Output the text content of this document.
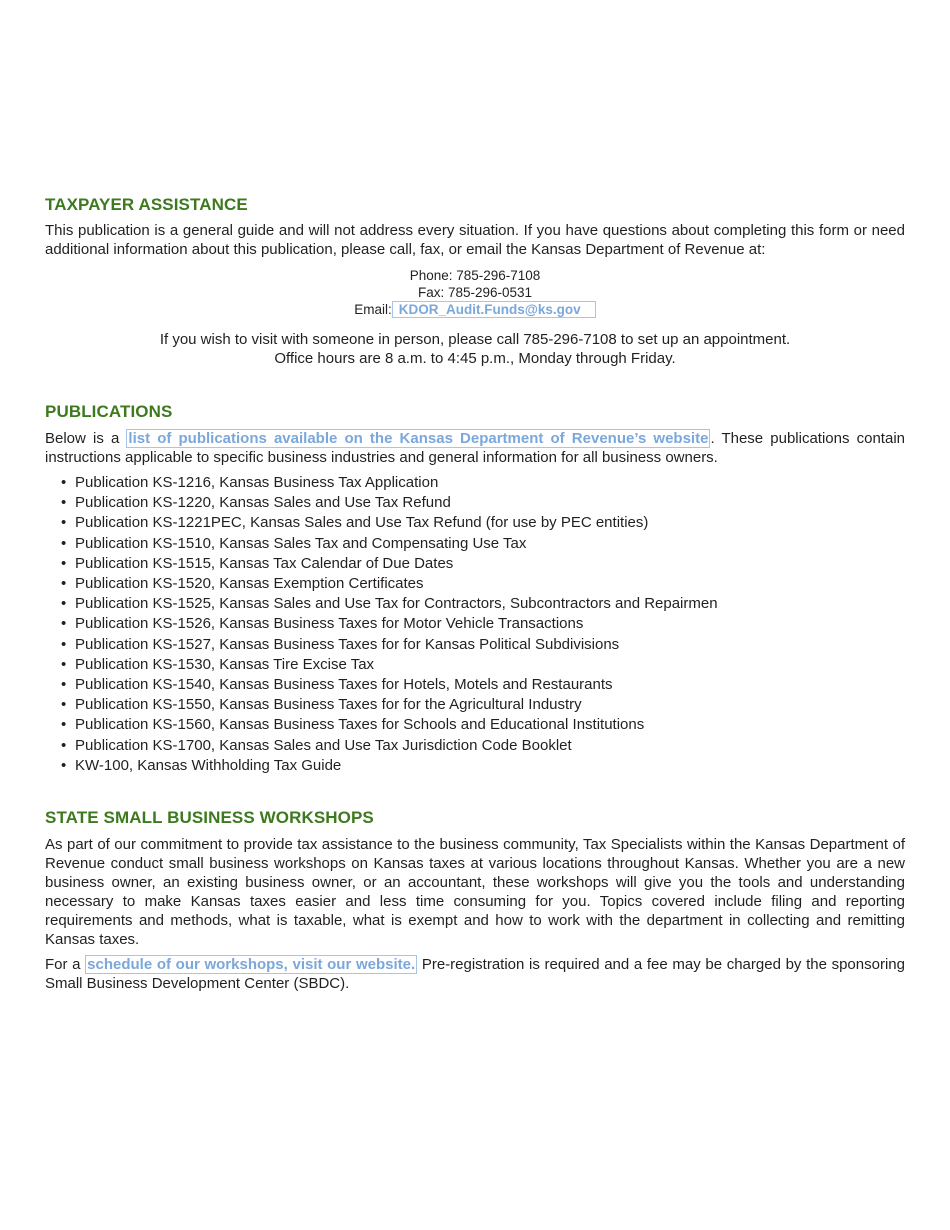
TAXPAYER ASSISTANCE

This publication is a general guide and will not address every situation. If you have questions about completing this form or need additional information about this publication, please call, fax, or email the Kansas Department of Revenue at:

Phone: 785-296-7108
Fax: 785-296-0531
Email: KDOR_Audit.Funds@ks.gov

If you wish to visit with someone in person, please call 785-296-7108 to set up an appointment.

Office hours are 8 a.m. to 4:45 p.m., Monday through Friday.

PUBLICATIONS

Below is a list of publications available on the Kansas Department of Revenue’s website . These publications contain instructions applicable to specific business industries and general information for all business owners.

• Publication KS-1216, Kansas Business Tax Application
• Publication KS-1220, Kansas Sales and Use Tax Refund
• Publication KS-1221PEC, Kansas Sales and Use Tax Refund (for use by PEC entities)
• Publication KS-1510, Kansas Sales Tax and Compensating Use Tax
• Publication KS-1515, Kansas Tax Calendar of Due Dates
• Publication KS-1520, Kansas Exemption Certificates
• Publication KS-1525, Kansas Sales and Use Tax for Contractors, Subcontractors and Repairmen
• Publication KS-1526, Kansas Business Taxes for Motor Vehicle Transactions
• Publication KS-1527, Kansas Business Taxes for for Kansas Political Subdivisions
• Publication KS-1530, Kansas Tire Excise Tax
• Publication KS-1540, Kansas Business Taxes for Hotels, Motels and Restaurants
• Publication KS-1550, Kansas Business Taxes for for the Agricultural Industry
• Publication KS-1560, Kansas Business Taxes for Schools and Educational Institutions
• Publication KS-1700, Kansas Sales and Use Tax Jurisdiction Code Booklet
• KW-100, Kansas Withholding Tax Guide
STATE SMALL BUSINESS WORKSHOPS

As part of our commitment to provide tax assistance to the business community, Tax Specialists within the Kansas Department of Revenue conduct small business workshops on Kansas taxes at various locations throughout Kansas. Whether you are a new business owner, an existing business owner, or an accountant, these workshops will give you the tools and understanding necessary to make Kansas taxes easier and less time consuming for you. Topics covered include filing and reporting requirements and methods, what is taxable, what is exempt and how to work with the department in collecting and remitting Kansas taxes.

For a schedule of our workshops, visit our website. Pre-registration is required and a fee may be charged by the sponsoring Small Business Development Center (SBDC).
